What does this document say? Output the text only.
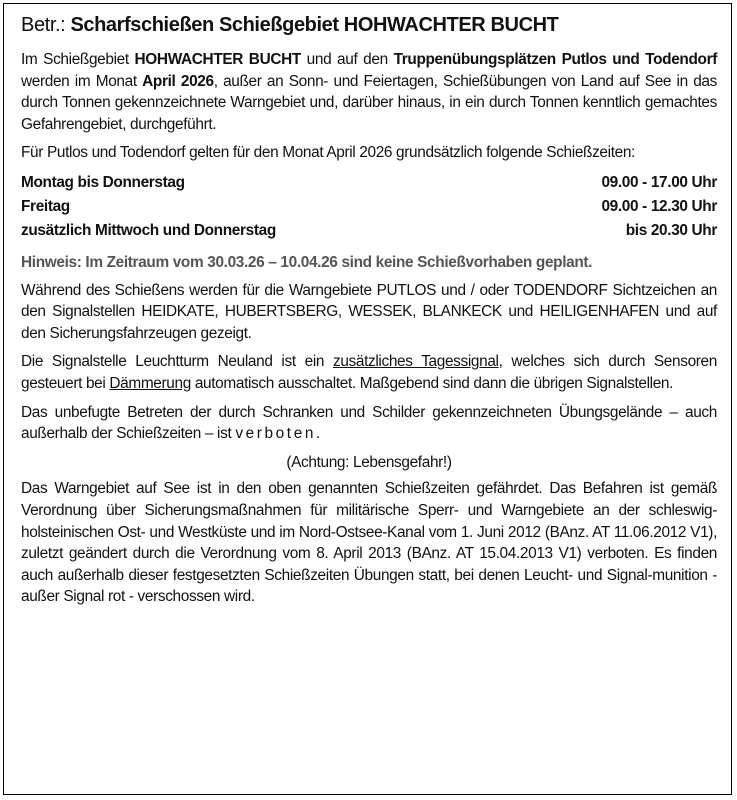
Betr.: Scharfschießen Schießgebiet HOHWACHTER BUCHT

Im Schießgebiet HOHWACHTER BUCHT und auf den Truppenübungsplätzen Putlos und Todendorf werden im Monat April 2026, außer an Sonn- und Feiertagen, Schießübungen von Land auf See in das durch Tonnen gekennzeichnete Warngebiet und, darüber hinaus, in ein durch Tonnen kenntlich gemachtes Gefahrengebiet, durchgeführt.

Für Putlos und Todendorf gelten für den Monat April 2026 grundsätzlich folgende Schießzeiten:

Montag bis Donnerstag	09.00 - 17.00 Uhr
Freitag	09.00 - 12.30 Uhr
zusätzlich Mittwoch und Donnerstag	bis 20.30 Uhr

Hinweis: Im Zeitraum vom 30.03.26 – 10.04.26 sind keine Schießvorhaben geplant.

Während des Schießens werden für die Warngebiete PUTLOS und / oder TODENDORF Sichtzeichen an den Signalstellen HEIDKATE, HUBERTSBERG, WESSEK, BLANKECK und HEILIGENHAFEN und auf den Sicherungsfahrzeugen gezeigt.

Die Signalstelle Leuchtturm Neuland ist ein zusätzliches Tagessignal, welches sich durch Sensoren gesteuert bei Dämmerung automatisch ausschaltet. Maßgebend sind dann die übrigen Signalstellen.

Das unbefugte Betreten der durch Schranken und Schilder gekennzeichneten Übungsgelände – auch außerhalb der Schießzeiten – ist verboten.

(Achtung: Lebensgefahr!)

Das Warngebiet auf See ist in den oben genannten Schießzeiten gefährdet. Das Befahren ist gemäß Verordnung über Sicherungsmaßnahmen für militärische Sperr- und Warngebiete an der schleswig-holsteinischen Ost- und Westküste und im Nord-Ostsee-Kanal vom 1. Juni 2012 (BAnz. AT 11.06.2012 V1), zuletzt geändert durch die Verordnung vom 8. April 2013 (BAnz. AT 15.04.2013 V1) verboten. Es finden auch außerhalb dieser festgesetzten Schießzeiten Übungen statt, bei denen Leucht- und Signal-munition - außer Signal rot - verschossen wird.
